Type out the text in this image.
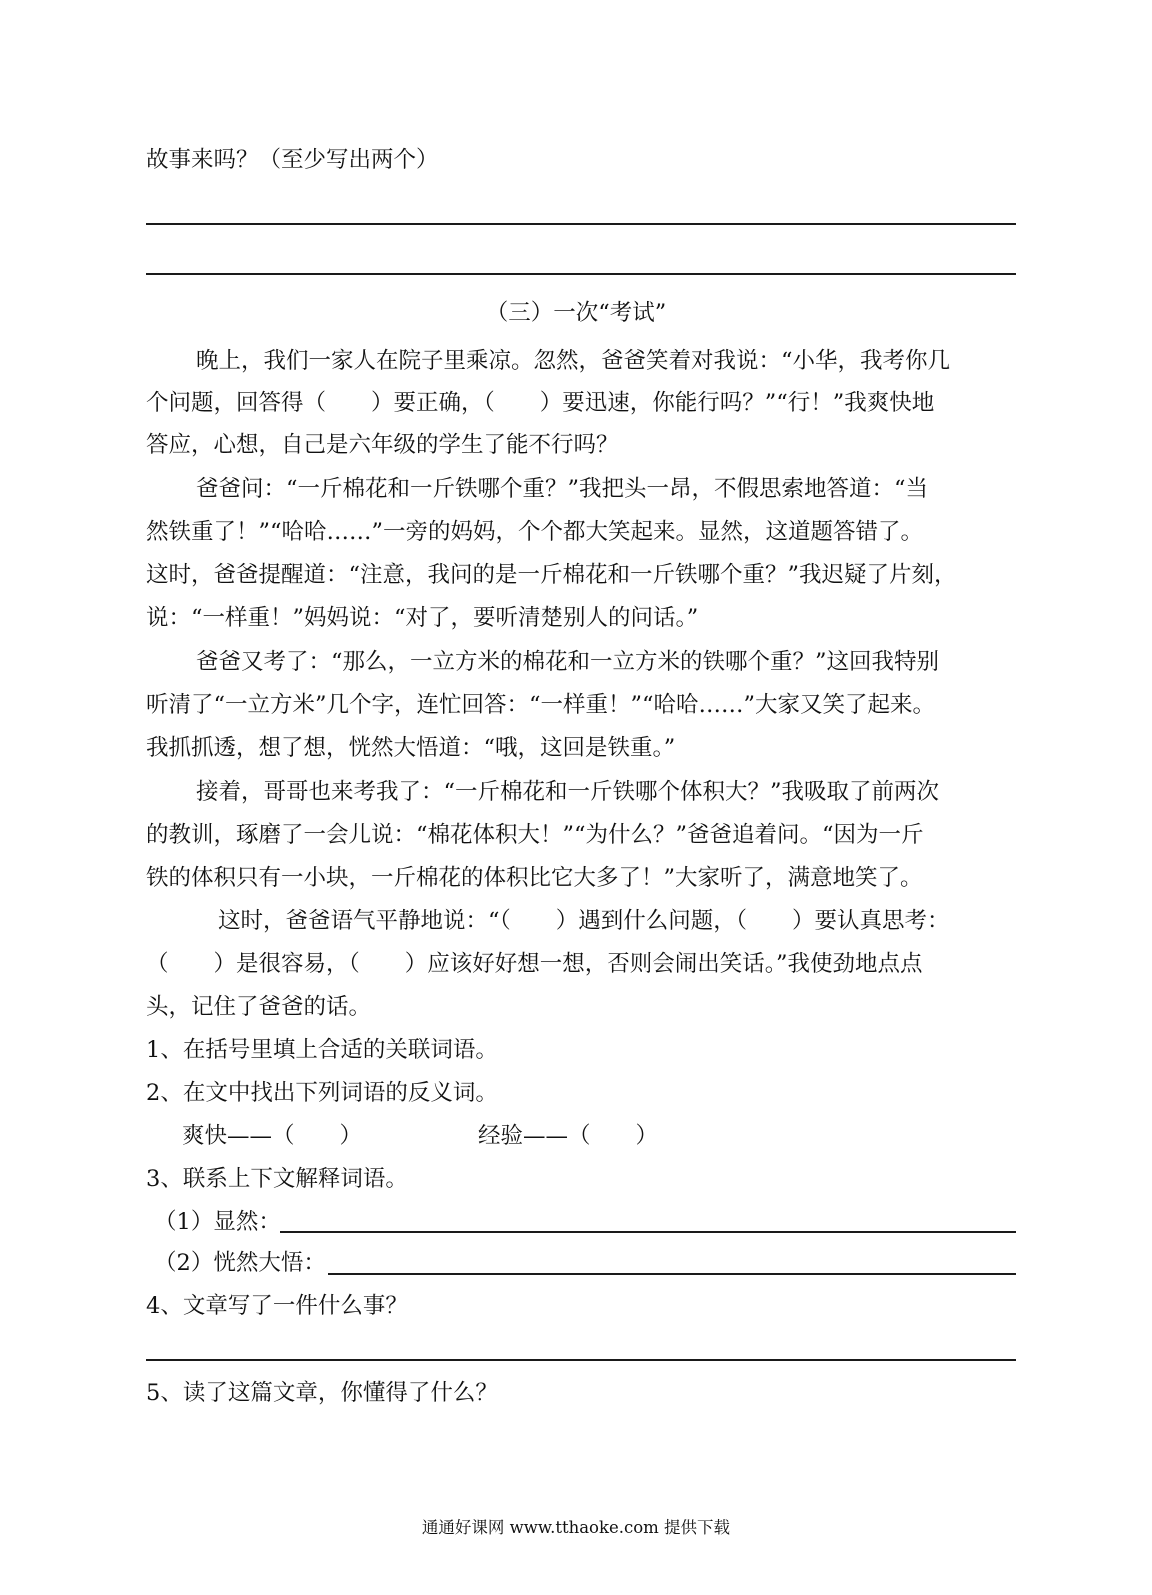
故事来吗？（至少写出两个）
（三）一次“考试”
晚上，我们一家人在院子里乘凉。忽然，爸爸笑着对我说：“小华，我考你几
个问题，回答得（　　）要正确，（　　）要迅速，你能行吗？”“行！”我爽快地
答应，心想，自己是六年级的学生了能不行吗？
爸爸问：“一斤棉花和一斤铁哪个重？”我把头一昂，不假思索地答道：“当
然铁重了！”“哈哈……”一旁的妈妈，个个都大笑起来。显然，这道题答错了。
这时，爸爸提醒道：“注意，我问的是一斤棉花和一斤铁哪个重？”我迟疑了片刻，
说：“一样重！”妈妈说：“对了，要听清楚别人的问话。”
爸爸又考了：“那么，一立方米的棉花和一立方米的铁哪个重？”这回我特别
听清了“一立方米”几个字，连忙回答：“一样重！”“哈哈……”大家又笑了起来。
我抓抓透，想了想，恍然大悟道：“哦，这回是铁重。”
接着，哥哥也来考我了：“一斤棉花和一斤铁哪个体积大？”我吸取了前两次
的教训，琢磨了一会儿说：“棉花体积大！”“为什么？”爸爸追着问。“因为一斤
铁的体积只有一小块，一斤棉花的体积比它大多了！”大家听了，满意地笑了。
这时，爸爸语气平静地说：“（　　）遇到什么问题，（　　）要认真思考：
（　　）是很容易，（　　）应该好好想一想，否则会闹出笑话。”我使劲地点点
头，记住了爸爸的话。
1、在括号里填上合适的关联词语。
2、在文中找出下列词语的反义词。
爽快——（　　）	经验——（　　）
3、联系上下文解释词语。
（1）显然：
（2）恍然大悟：
4、文章写了一件什么事？
5、读了这篇文章，你懂得了什么？
通通好课网 www.tthaoke.com 提供下载
